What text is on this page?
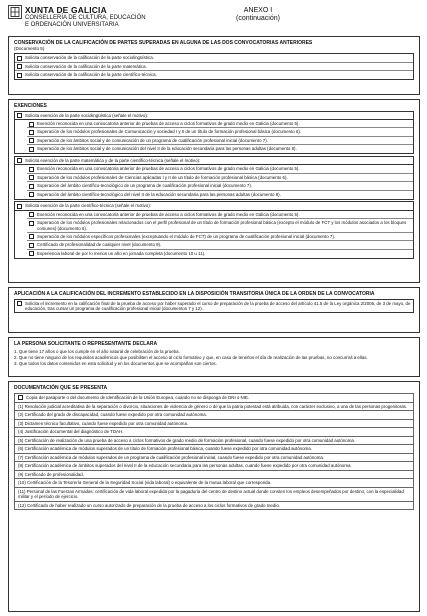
XUNTA DE GALICIA
CONSELLERÍA DE CULTURA, EDUCACIÓN
E ORDENACIÓN UNIVERSITARIA
ANEXO I
(continuación)
CONSERVACIÓN DE LA CALIFICACIÓN DE PARTES SUPERADAS EN ALGUNA DE LAS DOS CONVOCATORIAS ANTERIORES
(Documento 5)
Solicita conservación de la calificación de la parte sociolingüística.
Solicita conservación de la calificación de la parte matemática.
Solicita conservación de la calificación de la parte científico-técnica.
EXENCIONES
Solicita exención de la parte sociolingüística (señale el motivo):
Exención reconocida en una convocatoria anterior de pruebas de acceso a ciclos formativos de grado medio en Galicia (documento 5).
Superación de los módulos profesionales de Comunicación y sociedad I y II de un título de formación profesional básica (documento 6).
Superación de los ámbitos social y de comunicación de un programa de cualificación profesional inicial (documento 7).
Superación de los ámbitos social y de comunicación del nivel II de la educación secundaria para las personas adultas (documento 8).
Solicita exención de la parte matemática y de la parte científico-técnica (señale el motivo):
Exención reconocida en una convocatoria anterior de pruebas de acceso a ciclos formativos de grado medio en Galicia (documento 5).
Superación de los módulos profesionales de Ciencias aplicadas I y II de un título de formación profesional básica (documento 6).
Superación del ámbito científico-tecnológico de un programa de cualificación profesional inicial (documento 7).
Superación del ámbito científico-tecnológico del nivel II de la educación secundaria para las personas adultas (documento 8).
Solicita exención de la parte científico-técnica (señale el motivo):
Exención reconocida en una convocatoria anterior de pruebas de acceso a ciclos formativos de grado medio en Galicia (documento 5).
Superación de los módulos profesionales relacionados con el perfil profesional de un título de formación profesional básica (excepto el módulo de FCT y los módulos asociados a los bloques comunes) (documento 6).
Superación de los módulos específicos profesionales (exceptuando el módulo de FCT) de un programa de cualificación profesional inicial (documento 7).
Certificado de profesionalidad de cualquier nivel (documento 9).
Experiencia laboral de por lo menos un año en jornada completa (documento 10 u 11).
APLICACIÓN A LA CALIFICACIÓN DEL INCREMENTO ESTABLECIDO EN LA DISPOSICIÓN TRANSITORIA ÚNICA DE LA ORDEN DE LA CONVOCATORIA
Solicita el incremento en la calificación final de la prueba de acceso por haber superado el curso de preparación de la prueba de acceso del artículo 41.5 de la Ley orgánica 2/2006, de 3 de mayo, de educación, tras cursar un programa de cualificación profesional inicial (documentos 7 y 12).
LA PERSONA SOLICITANTE O REPRESENTANTE DECLARA
1. Que tiene 17 años o que los cumple en el año natural de celebración de la prueba.
2. Que no tiene ninguno de los requisitos académicos que posibiliten el acceso al ciclo formativo y que, en caso de tenerlos el día de realización de las pruebas, no concurrirá a ellas.
3. Que todos los datos contenidos en esta solicitud y en los documentos que se acompañan son ciertos.
DOCUMENTACIÓN QUE SE PRESENTA
Copia del pasaporte o del documento de identificación de la Unión Europea, cuando no se disponga de DNI o NIE.
(1) Resolución judicial acreditativa de la separación o divorcio, situaciones de violencia de género o de que la patria potestad está atribuida, con carácter exclusivo, a una de las personas progenitoras.
(2) Certificado del grado de discapacidad, cuando fuese expedido por otra comunidad autónoma.
(3) Dictamen técnico facultativo, cuando fuese expedido por otra comunidad autónoma.
(4) Justificación documental del diagnóstico de TDAH.
(5) Certificación de realización de una prueba de acceso a ciclos formativos de grado medio de formación profesional, cuando fuese expedido por otra comunidad autónoma.
(6) Certificación académica de módulos superados de un título de formación profesional básica, cuando fuese expedido por otra comunidad autónoma.
(7) Certificación académica de módulos superados de un programa de cualificación profesional inicial, cuando fuese expedido por otra comunidad autónoma.
(8) Certificación académica de ámbitos superados del nivel II de la educación secundaria para las personas adultas, cuando fuese expedido por otra comunidad autónoma.
(9) Certificado de profesionalidad.
(10) Certificación de la Tesorería General de la Seguridad Social (vida laboral) o equivalente de la mutua laboral que corresponda.
(11) Personal de las Fuerzas Armadas: certificación de vida laboral expedida por la pagaduría del centro de destino actual donde consten los empleos desempeñados por destino, con la especialidad militar y el período de ejercicio.
(12) Certificado de haber realizado un curso autorizado de preparación de la prueba de acceso a los ciclos formativos de grado medio.
